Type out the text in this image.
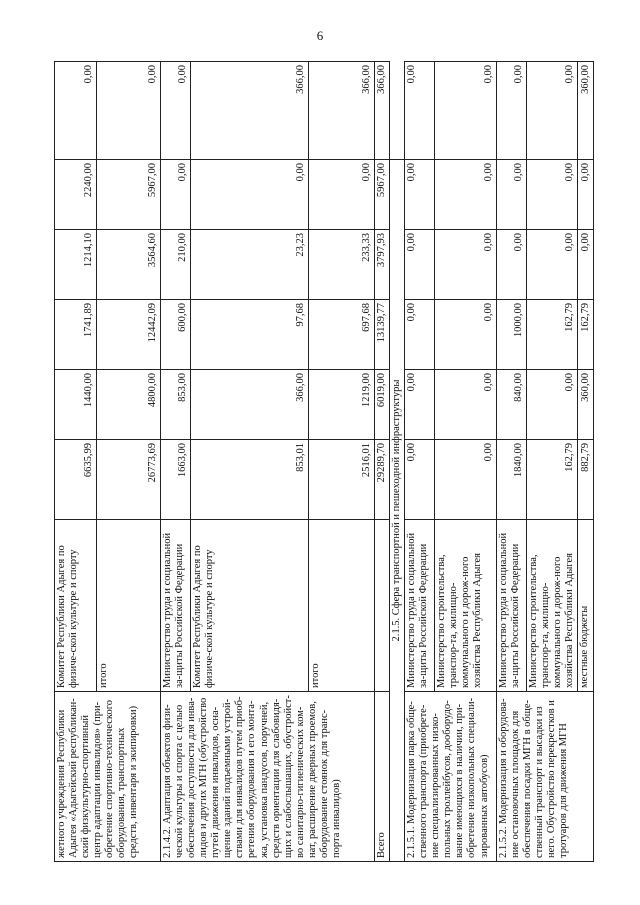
6
жетного учреждения Республики Адыгея «Адыгейский республикан-ский физкультурно-спортивный центр адаптации инвалидов» (при-обретение спортивно-технического оборудования, транспортных средств, инвентаря и экипировки)	Комитет Республики Адыгея по физиче-ской культуре и спорту	6635,99	1440,00	1741,89	1214,10	2240,00	0,00
	итого	26773,69	4800,00	12442,09	3564,60	5967,00	0,00
2.1.4.2. Адаптация объектов физи-ческой культуры и спорта с целью обеспечения доступности для инва-лидов и других МГН (обустройство путей движения инвалидов, осна-щение зданий подъемными устрой-ствами для инвалидов путем приоб-ретения оборудования и его монта-жа, установка пандусов, поручней, средств ориентации для слабовидя-щих и слабослышащих, обустройст-во санитарно-гигиенических ком-нат, расширение дверных проемов, оборудование стоянок для транс-порта инвалидов)	Министерство труда и социальной за-щиты Российской Федерации	1663,00	853,00	600,00	210,00	0,00	0,00
	Комитет Республики Адыгея по физиче-ской культуре и спорту	853,01	366,00	97,68	23,23	0,00	366,00
	итого	2516,01	1219,00	697,68	233,33	0,00	366,00
Всего		29289,70	6019,00	13139,77	3797,93	5967,00	366,00
2.1.5. Сфера транспортной и пешеходной инфраструктуры							
2.1.5.1. Модернизация парка обще-ственного транспорта (приобрете-ние специализированных низко-польных троллейбусов, дооборудо-вание имеющихся в наличии, при-обретение низкопольных специали-зированных автобусов)	Министерство труда и социальной за-щиты Российской Федерации	0,00	0,00	0,00	0,00	0,00	0,00
	Министерство строительства, транспор-та, жилищно-коммунального и дорож-ного хозяйства Республики Адыгея	0,00	0,00	0,00	0,00	0,00	0,00
2.1.5.2. Модернизация и оборудова-ние остановочных площадок для обеспечения посадки МГН в обще-ственный транспорт и высадки из него. Обустройство перекрестков и тротуаров для движения МГН	Министерство труда и социальной за-щиты Российской Федерации	1840,00	840,00	1000,00	0,00	0,00	0,00
	Министерство строительства, транспор-та, жилищно-коммунального и дорож-ного хозяйства Республики Адыгея	162,79	0,00	162,79	0,00	0,00	0,00
	местные бюджеты	882,79	360,00	162,79	0,00	0,00	360,00
